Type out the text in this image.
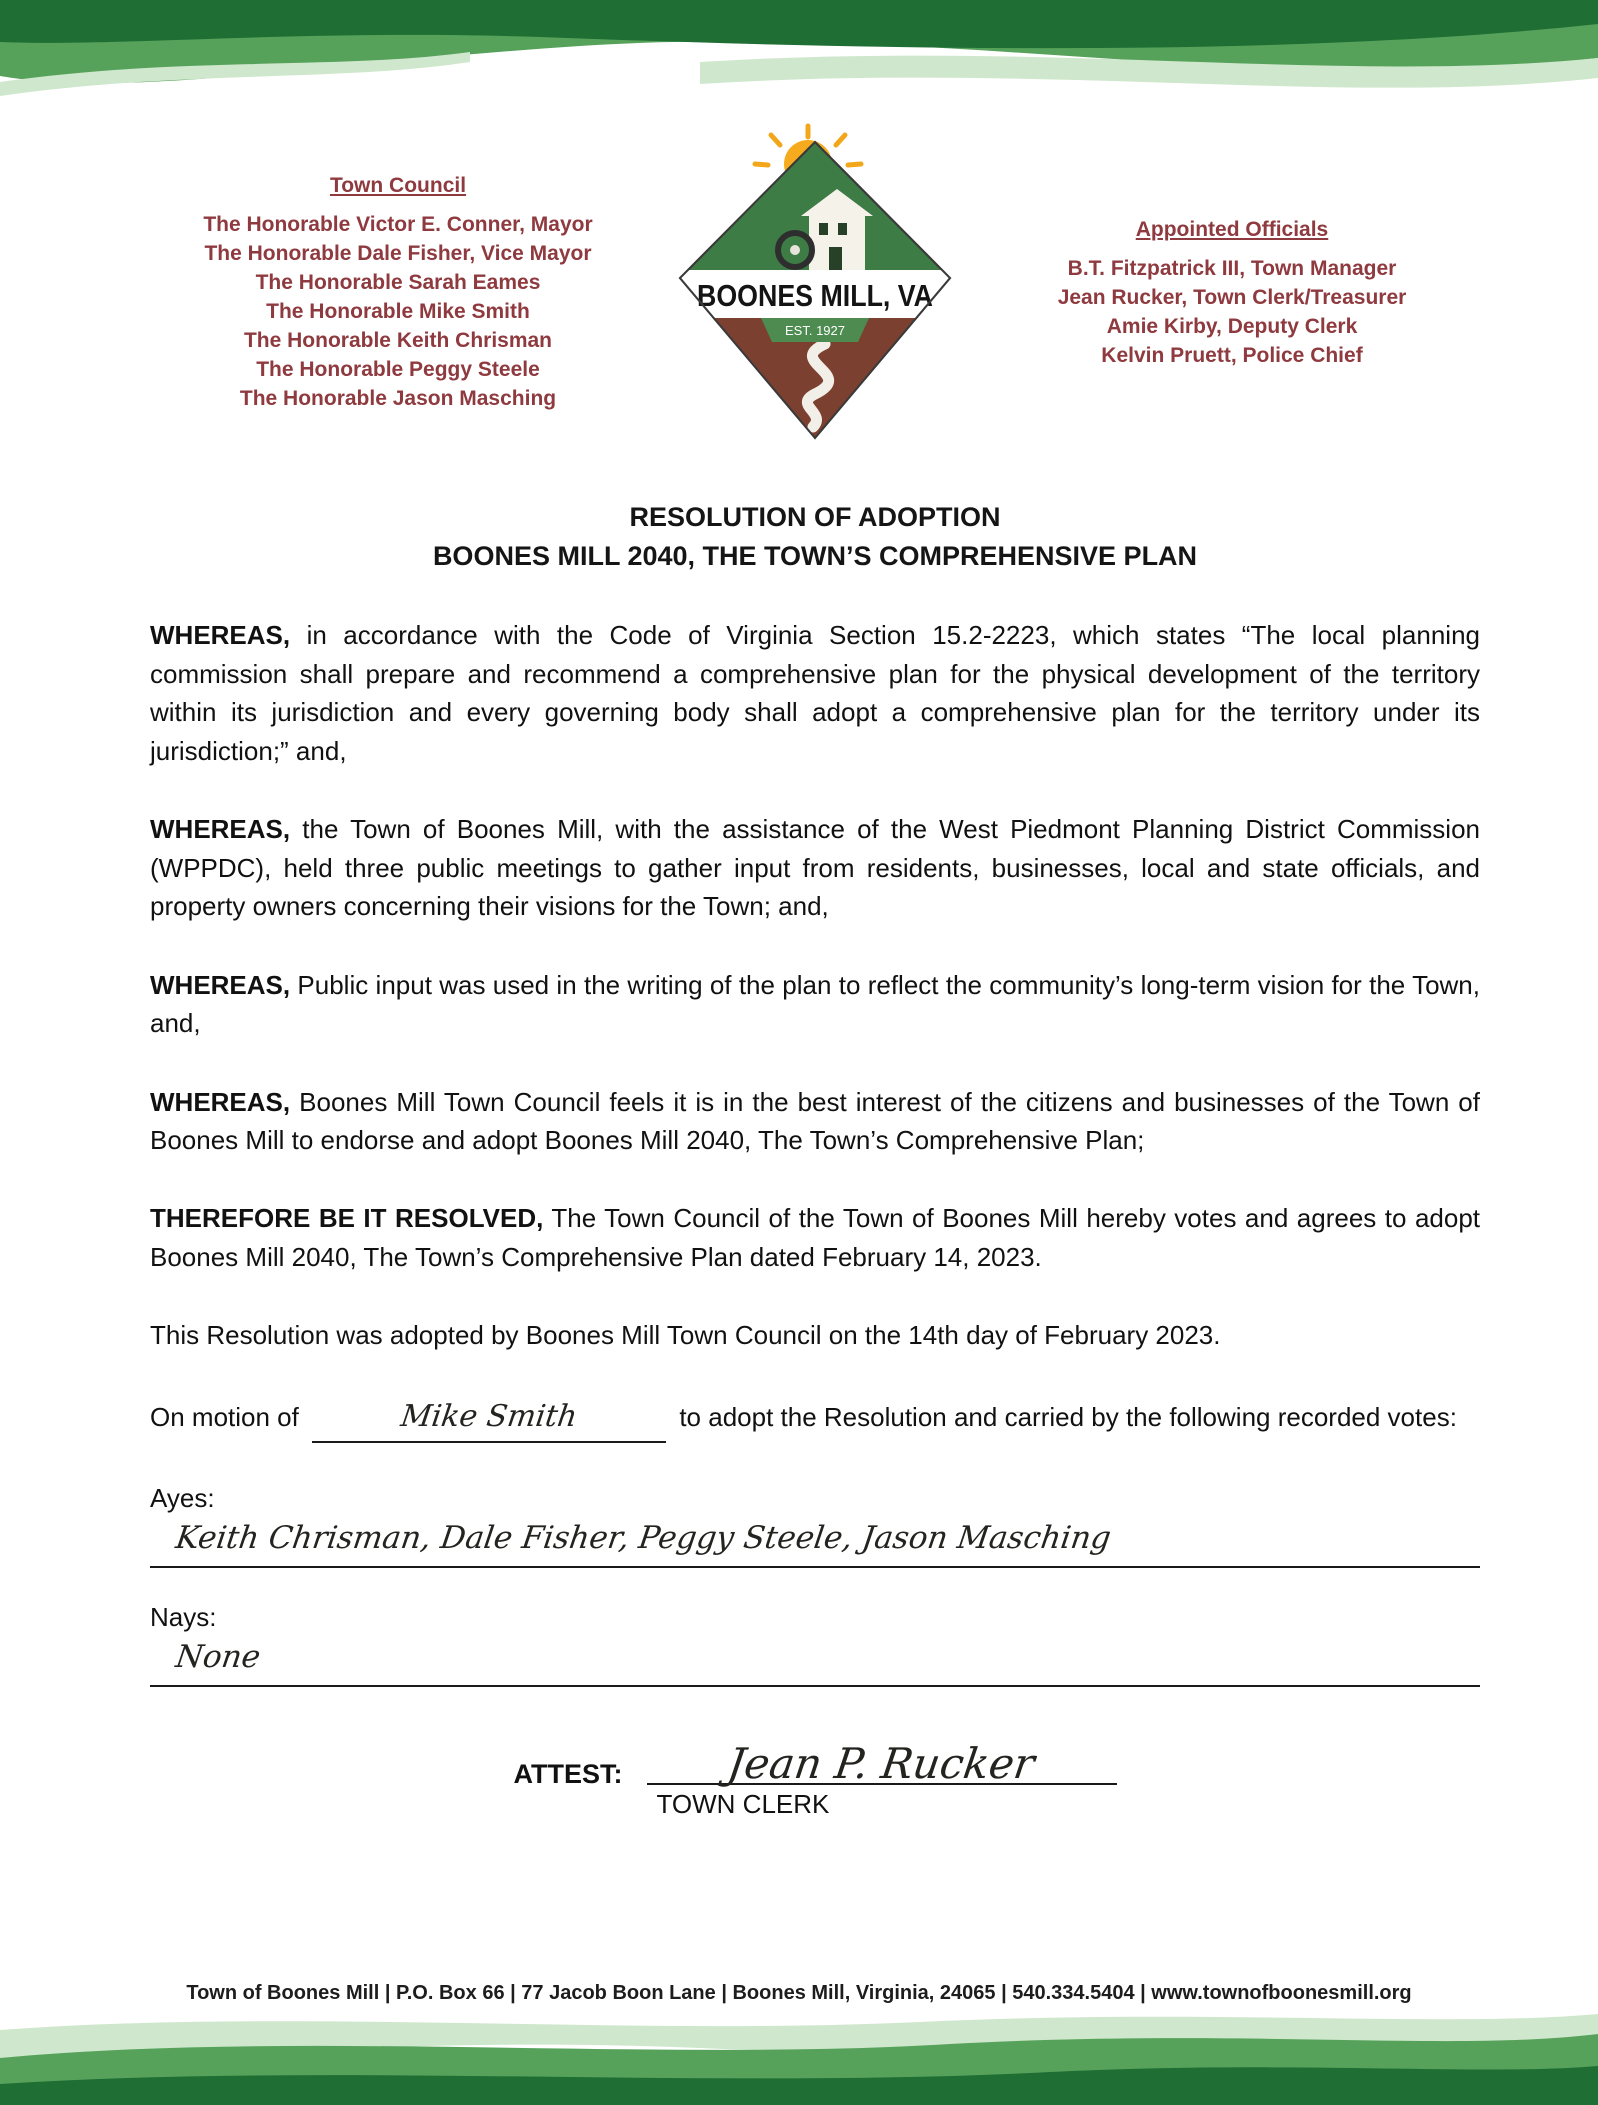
Town Council
The Honorable Victor E. Conner, Mayor
The Honorable Dale Fisher, Vice Mayor
The Honorable Sarah Eames
The Honorable Mike Smith
The Honorable Keith Chrisman
The Honorable Peggy Steele
The Honorable Jason Masching
BOONES MILL, VA
EST. 1927
Appointed Officials
B.T. Fitzpatrick III, Town Manager
Jean Rucker, Town Clerk/Treasurer
Amie Kirby, Deputy Clerk
Kelvin Pruett, Police Chief
RESOLUTION OF ADOPTION
BOONES MILL 2040, THE TOWN’S COMPREHENSIVE PLAN

WHEREAS, in accordance with the Code of Virginia Section 15.2-2223, which states “The local planning commission shall prepare and recommend a comprehensive plan for the physical development of the territory within its jurisdiction and every governing body shall adopt a comprehensive plan for the territory under its jurisdiction;” and,

WHEREAS, the Town of Boones Mill, with the assistance of the West Piedmont Planning District Commission (WPPDC), held three public meetings to gather input from residents, businesses, local and state officials, and property owners concerning their visions for the Town; and,

WHEREAS, Public input was used in the writing of the plan to reflect the community’s long-term vision for the Town, and,

WHEREAS, Boones Mill Town Council feels it is in the best interest of the citizens and businesses of the Town of Boones Mill to endorse and adopt Boones Mill 2040, The Town’s Comprehensive Plan;

THEREFORE BE IT RESOLVED, The Town Council of the Town of Boones Mill hereby votes and agrees to adopt Boones Mill 2040, The Town’s Comprehensive Plan dated February 14, 2023.

This Resolution was adopted by Boones Mill Town Council on the 14th day of February 2023.

On motion of	Mike Smith	to adopt the Resolution and carried by the following recorded votes:

Ayes:
Keith Chrisman, Dale Fisher, Peggy Steele, Jason Masching
Nays:
None
ATTEST:	Jean P. Rucker
TOWN CLERK
Town of Boones Mill | P.O. Box 66 | 77 Jacob Boon Lane | Boones Mill, Virginia, 24065 | 540.334.5404 | www.townofboonesmill.org
